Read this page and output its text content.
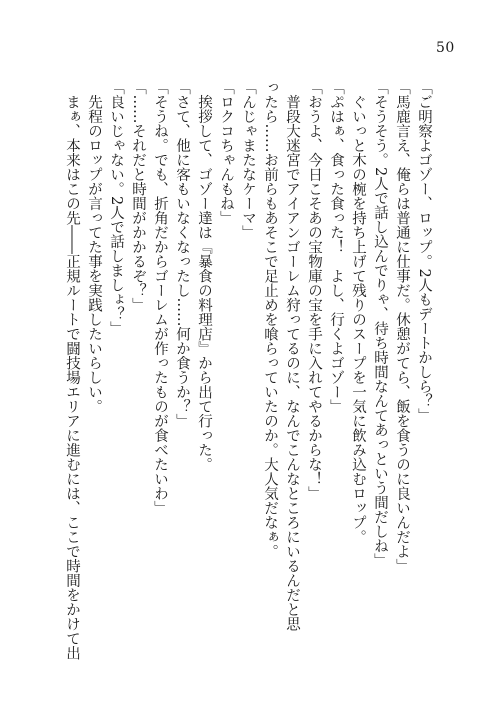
50

「ご明察よゴゾー、ロップ。2人もデートかしら？」

「馬鹿言え、俺らは普通に仕事だ。休憩がてら、飯を食うのに良いんだよ」

「そうそう。2人で話し込んでりゃ、待ち時間なんてあっという間だしね」

　ぐいっと木の椀を持ち上げて残りのスープを一気に飲み込むロップ。

「ぷはぁ、食った食った！　よし、行くよゴゾー」

「おうよ、今日こそあの宝物庫の宝を手に入れてやるからな！」

　普段大迷宮でアイアンゴーレム狩ってるのに、なんでこんなところにいるんだと思ったら……お前らもあそこで足止めを喰らっていたのか。大人気だなぁ。

「んじゃまたなケーマ」

「ロクコちゃんもね」

　挨拶して、ゴゾー達は『暴食の料理店』から出て行った。

「さて、他に客もいなくなったし……何か食うか？」

「そうね。でも、折角だからゴーレムが作ったものが食べたいわ」

「……それだと時間がかかるぞ？」

「良いじゃない。2人で話しましょ？」

　先程のロップが言ってた事を実践したいらしい。

　まぁ、本来はこの先――正規ルートで闘技場エリアに進むには、ここで時間をかけて出
